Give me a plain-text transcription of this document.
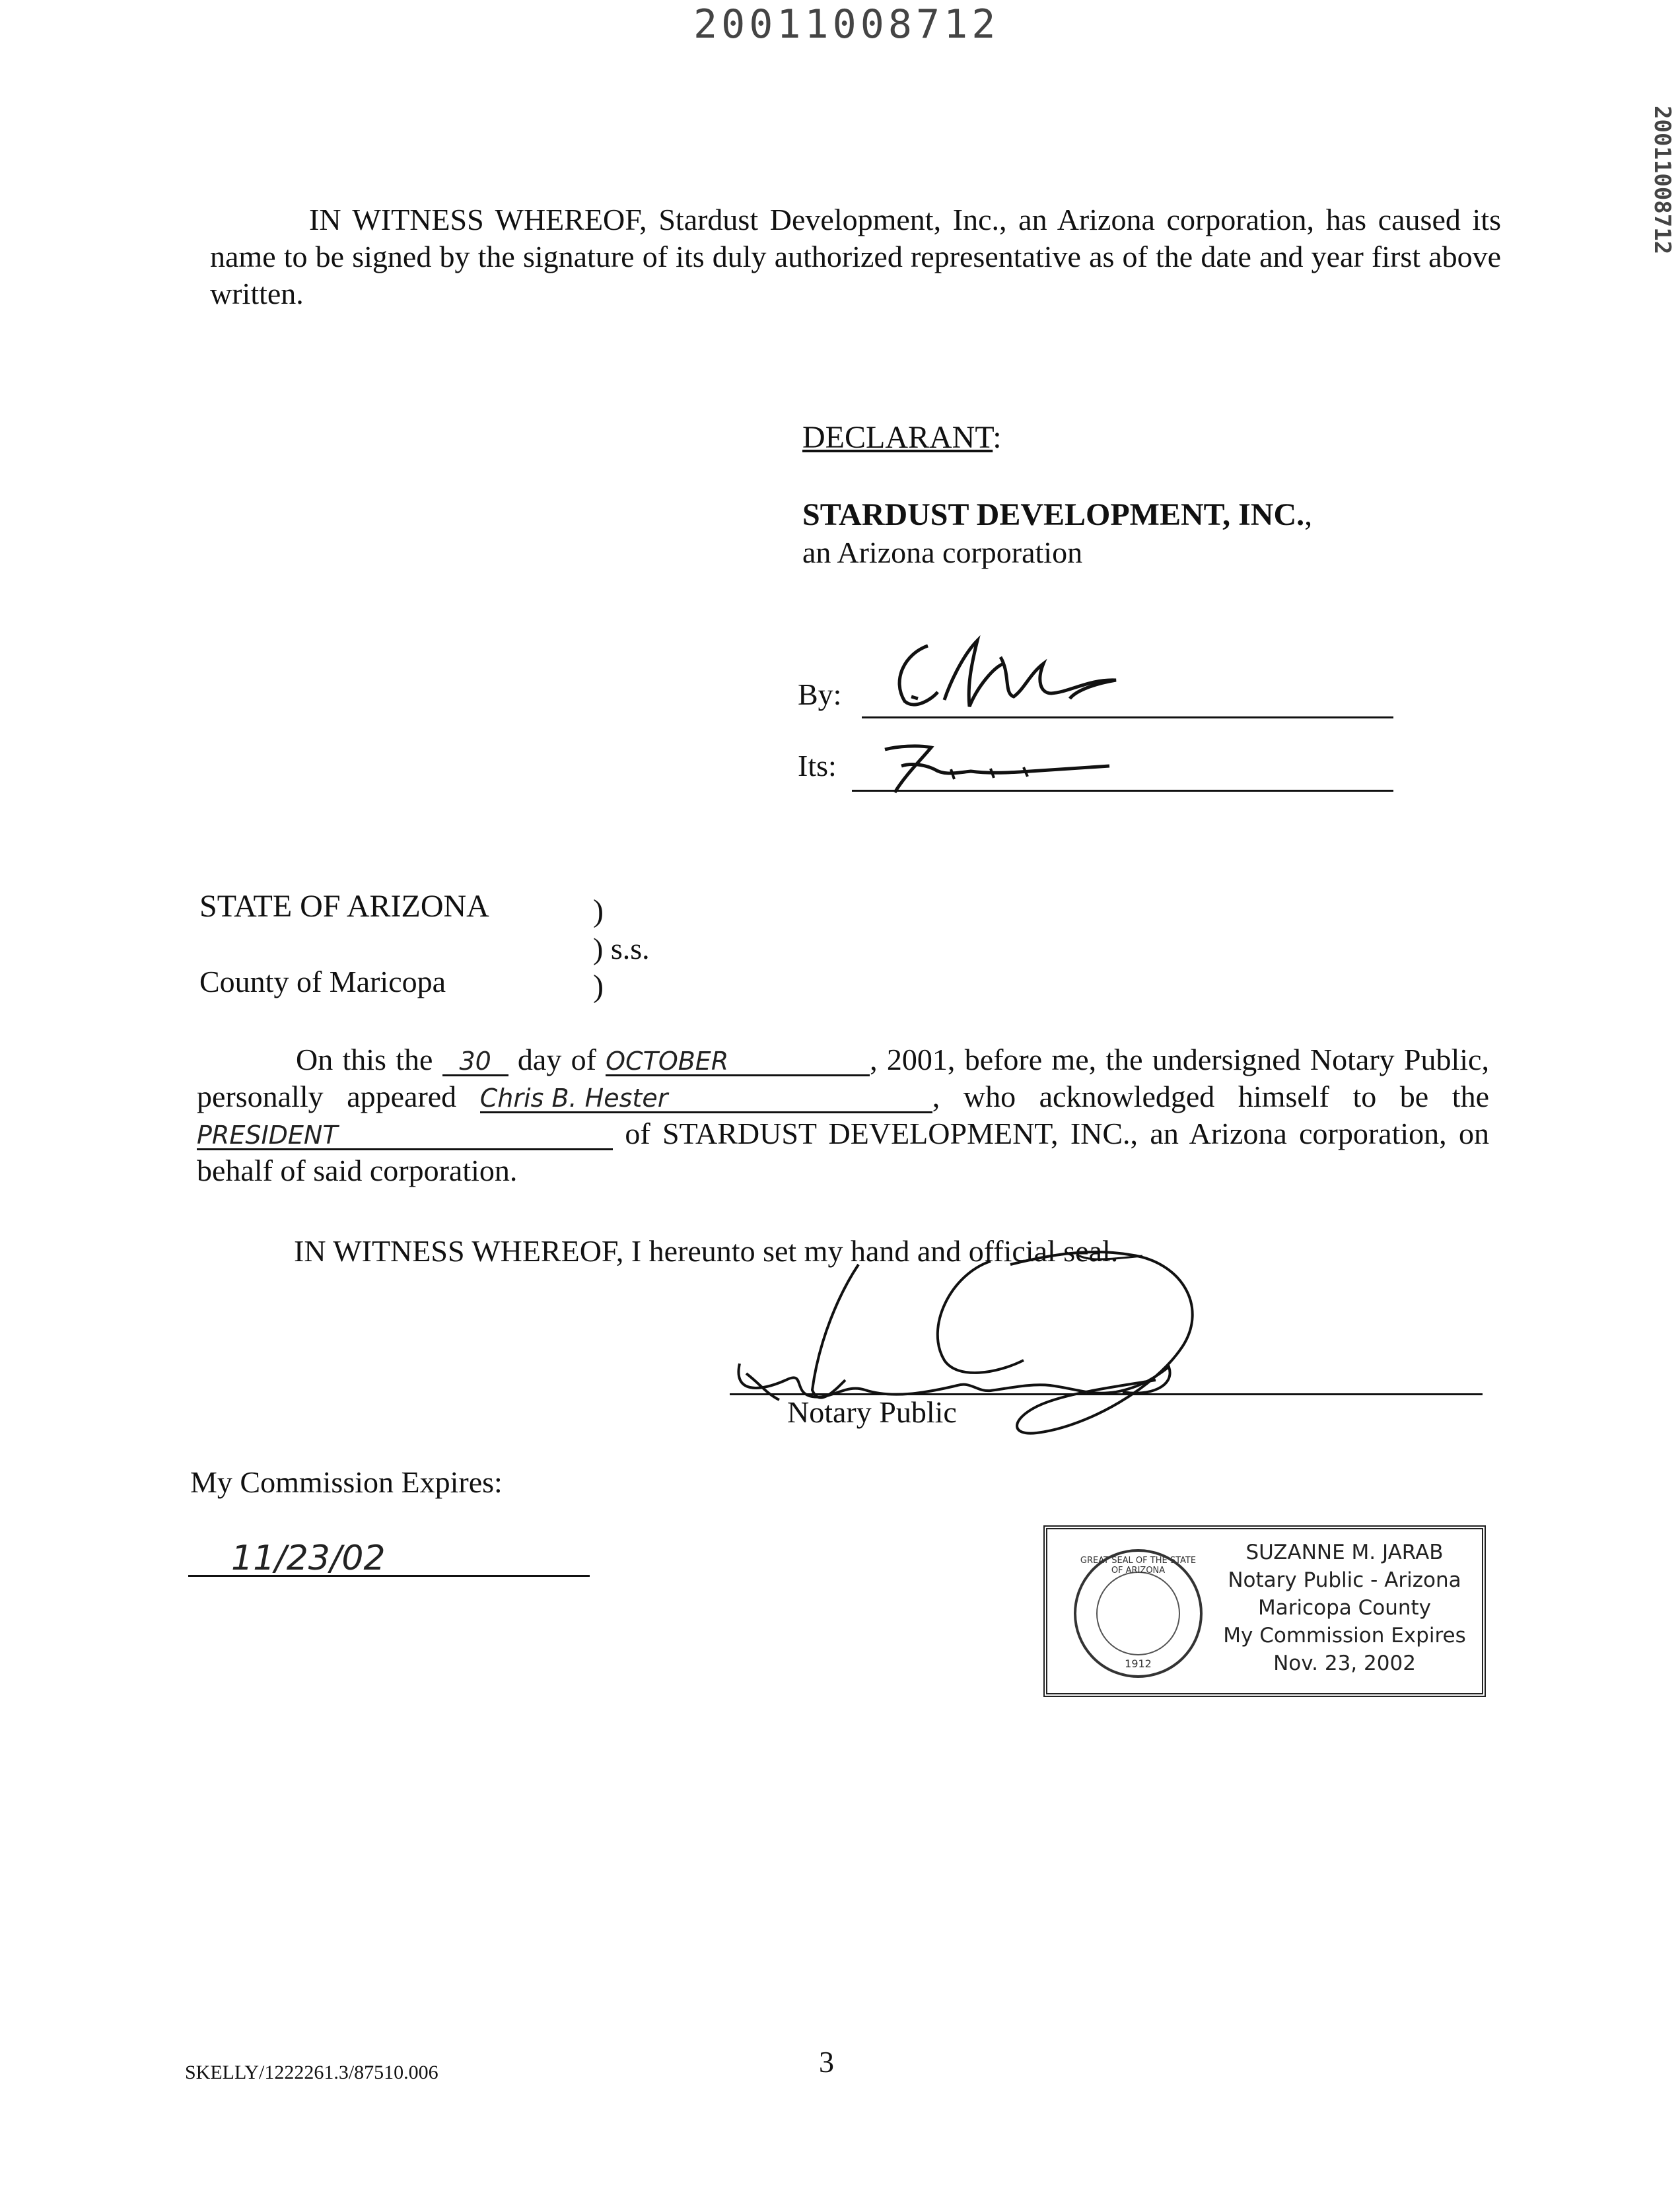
20011008712
20011008712
IN WITNESS WHEREOF, Stardust Development, Inc., an Arizona corporation, has caused its name to be signed by the signature of its duly authorized representative as of the date and year first above written.
DECLARANT:
STARDUST DEVELOPMENT, INC.,
an Arizona corporation
By:
Its:
STATE OF ARIZONA	)
) s.s.
County of Maricopa	)
On this the 30 day of OCTOBER	, 2001, before me, the undersigned Notary Public, personally appeared Chris B. Hester	, who acknowledged himself to be the PRESIDENT	of STARDUST DEVELOPMENT, INC., an Arizona corporation, on behalf of said corporation.
IN WITNESS WHEREOF, I hereunto set my hand and official seal.
Notary Public
My Commission Expires:
11/23/02	GREAT SEAL OF THE STATE OF ARIZONA
1912
SUZANNE M. JARAB
Notary Public - Arizona
Maricopa County
My Commission Expires
Nov. 23, 2002
SKELLY/1222261.3/87510.006	3
